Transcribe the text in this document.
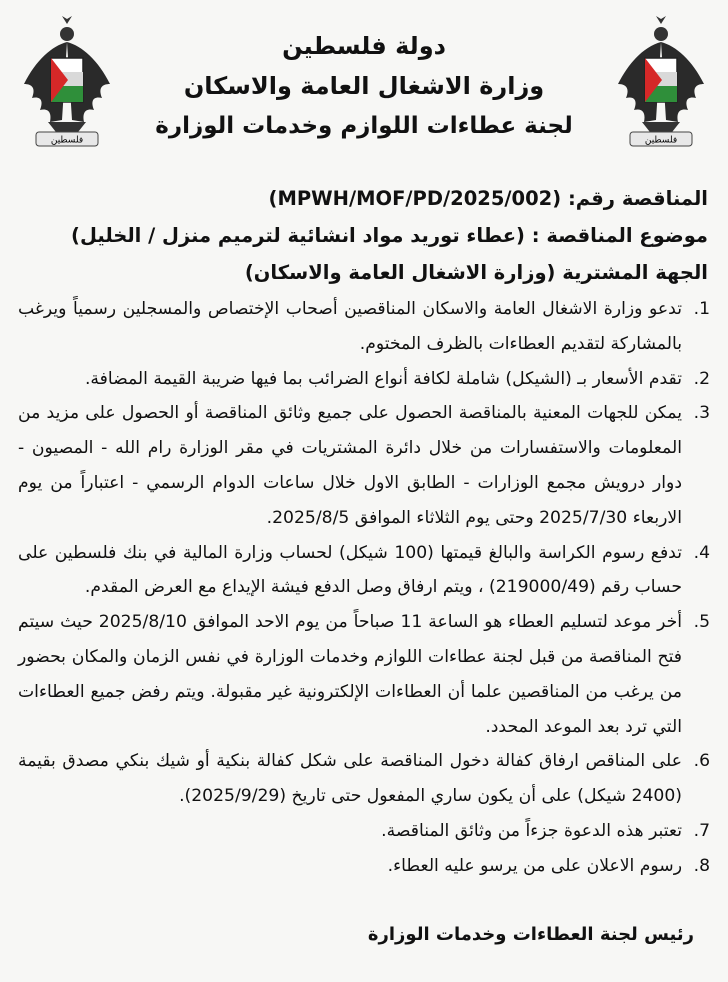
فلسطين	فلسطين
دولة فلسطين
وزارة الاشغال العامة والاسكان
لجنة عطاءات اللوازم وخدمات الوزارة
المناقصة رقم: (MPWH/MOF/PD/2025/002)
موضوع المناقصة : (عطاء توريد مواد انشائية لترميم منزل / الخليل)
الجهة المشترية (وزارة الاشغال العامة والاسكان)
1.
تدعو وزارة الاشغال العامة والاسكان المناقصين أصحاب الإختصاص والمسجلين رسمياً ويرغب بالمشاركة لتقديم العطاءات بالظرف المختوم.
2.
تقدم الأسعار بـ (الشيكل) شاملة لكافة أنواع الضرائب بما فيها ضريبة القيمة المضافة.
3.
يمكن للجهات المعنية بالمناقصة الحصول على جميع وثائق المناقصة أو الحصول على مزيد من المعلومات والاستفسارات من خلال دائرة المشتريات في مقر الوزارة رام الله - المصيون - دوار درويش مجمع الوزارات - الطابق الاول خلال ساعات الدوام الرسمي - اعتباراً من يوم الاربعاء 2025/7/30 وحتى يوم الثلاثاء الموافق 2025/8/5.
4.
تدفع رسوم الكراسة والبالغ قيمتها (100 شيكل) لحساب وزارة المالية في بنك فلسطين على حساب رقم (219000/49) ، ويتم ارفاق وصل الدفع فيشة الإيداع مع العرض المقدم.
5.
أخر موعد لتسليم العطاء هو الساعة 11 صباحاً من يوم الاحد الموافق 2025/8/10 حيث سيتم فتح المناقصة من قبل لجنة عطاءات اللوازم وخدمات الوزارة في نفس الزمان والمكان بحضور من يرغب من المناقصين علما أن العطاءات الإلكترونية غير مقبولة. ويتم رفض جميع العطاءات التي ترد بعد الموعد المحدد.
6.
على المناقص ارفاق كفالة دخول المناقصة على شكل كفالة بنكية أو شيك بنكي مصدق بقيمة (2400 شيكل) على أن يكون ساري المفعول حتى تاريخ (2025/9/29).
7.
تعتبر هذه الدعوة جزءاً من وثائق المناقصة.
8.
رسوم الاعلان على من يرسو عليه العطاء.
رئيس لجنة العطاءات وخدمات الوزارة
